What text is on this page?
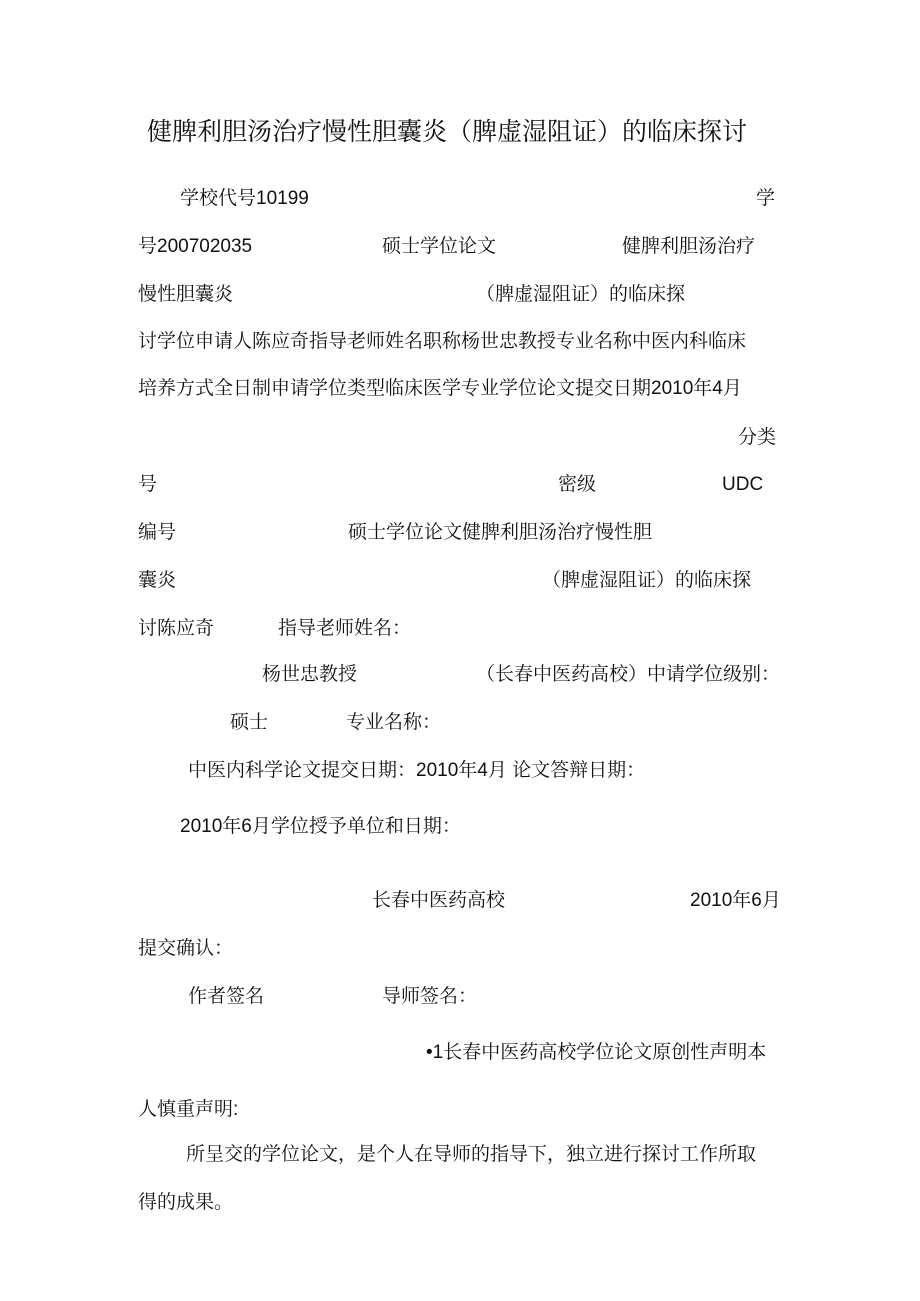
健脾利胆汤治疗慢性胆囊炎（脾虚湿阻证）的临床探讨
学校代号10199	学
号200702035	硕士学位论文	健脾利胆汤治疗
慢性胆囊炎	（脾虚湿阻证）的临床探
讨学位申请人陈应奇指导老师姓名职称杨世忠教授专业名称中医内科临床
培养方式全日制申请学位类型临床医学专业学位论文提交日期2010年4月
分类
号	密级	UDC
编号	硕士学位论文健脾利胆汤治疗慢性胆
囊炎	（脾虚湿阻证）的临床探
讨陈应奇	指导老师姓名：
杨世忠教授	（长春中医药高校）中请学位级别：
硕士	专业名称：
中医内科学论文提交日期：2010年4月 论文答辩日期：
2010年6月学位授予单位和日期：
长春中医药高校	2010年6月
提交确认：
作者签名	导师签名：
•1长春中医药高校学位论文原创性声明本
人慎重声明:
所呈交的学位论文，是个人在导师的指导下，独立进行探讨工作所取
得的成果。
